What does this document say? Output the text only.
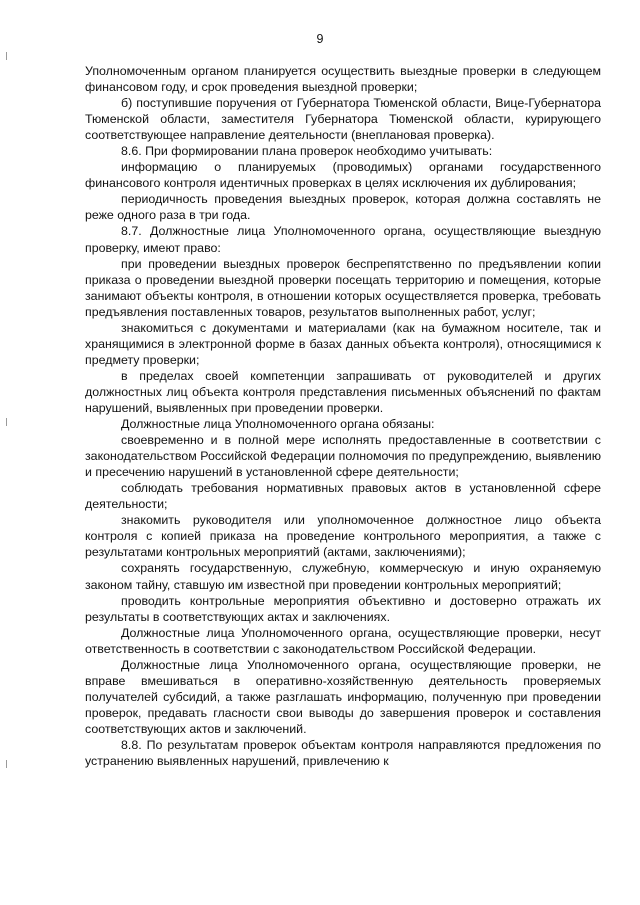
9

Уполномоченным органом планируется осуществить выездные проверки в следующем финансовом году, и срок проведения выездной проверки;

б) поступившие поручения от Губернатора Тюменской области, Вице-Губернатора Тюменской области, заместителя Губернатора Тюменской области, курирующего соответствующее направление деятельности (внеплановая проверка).

8.6. При формировании плана проверок необходимо учитывать:

информацию о планируемых (проводимых) органами государственного финансового контроля идентичных проверках в целях исключения их дублирования;

периодичность проведения выездных проверок, которая должна составлять не реже одного раза в три года.

8.7. Должностные лица Уполномоченного органа, осуществляющие выездную проверку, имеют право:

при проведении выездных проверок беспрепятственно по предъявлении копии приказа о проведении выездной проверки посещать территорию и помещения, которые занимают объекты контроля, в отношении которых осуществляется проверка, требовать предъявления поставленных товаров, результатов выполненных работ, услуг;

знакомиться с документами и материалами (как на бумажном носителе, так и хранящимися в электронной форме в базах данных объекта контроля), относящимися к предмету проверки;

в пределах своей компетенции запрашивать от руководителей и других должностных лиц объекта контроля представления письменных объяснений по фактам нарушений, выявленных при проведении проверки.

Должностные лица Уполномоченного органа обязаны:

своевременно и в полной мере исполнять предоставленные в соответствии с законодательством Российской Федерации полномочия по предупреждению, выявлению и пресечению нарушений в установленной сфере деятельности;

соблюдать требования нормативных правовых актов в установленной сфере деятельности;

знакомить руководителя или уполномоченное должностное лицо объекта контроля с копией приказа на проведение контрольного мероприятия, а также с результатами контрольных мероприятий (актами, заключениями);

сохранять государственную, служебную, коммерческую и иную охраняемую законом тайну, ставшую им известной при проведении контрольных мероприятий;

проводить контрольные мероприятия объективно и достоверно отражать их результаты в соответствующих актах и заключениях.

Должностные лица Уполномоченного органа, осуществляющие проверки, несут ответственность в соответствии с законодательством Российской Федерации.

Должностные лица Уполномоченного органа, осуществляющие проверки, не вправе вмешиваться в оперативно-хозяйственную деятельность проверяемых получателей субсидий, а также разглашать информацию, полученную при проведении проверок, предавать гласности свои выводы до завершения проверок и составления соответствующих актов и заключений.

8.8. По результатам проверок объектам контроля направляются предложения по устранению выявленных нарушений, привлечению к
